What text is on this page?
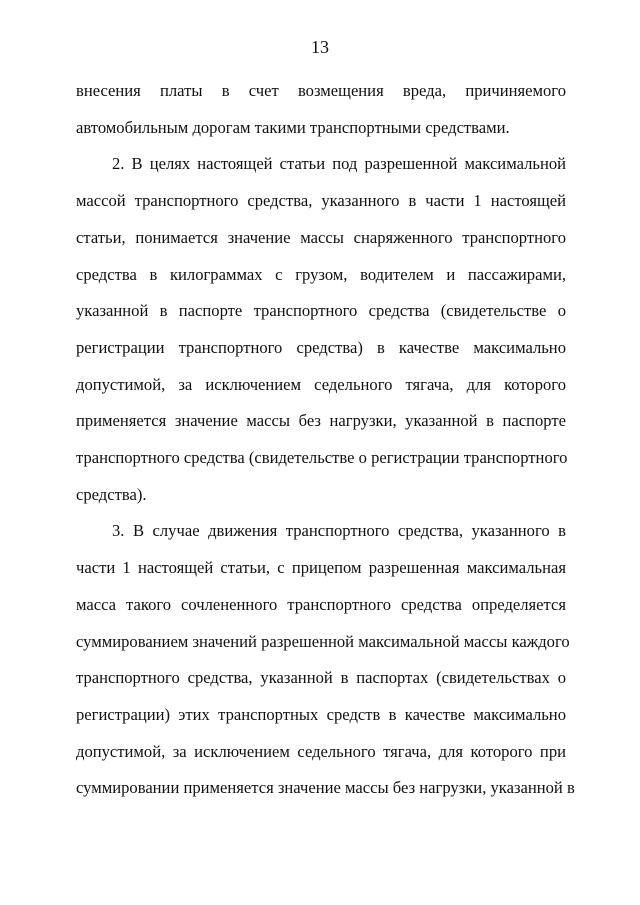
13
внесения платы в счет возмещения вреда, причиняемого
автомобильным дорогам такими транспортными средствами.
2. В целях настоящей статьи под разрешенной максимальной
массой транспортного средства, указанного в части 1 настоящей
статьи, понимается значение массы снаряженного транспортного
средства в килограммах с грузом, водителем и пассажирами,
указанной в паспорте транспортного средства (свидетельстве о
регистрации транспортного средства) в качестве максимально
допустимой, за исключением седельного тягача, для которого
применяется значение массы без нагрузки, указанной в паспорте
транспортного средства (свидетельстве о регистрации транспортного
средства).
3. В случае движения транспортного средства, указанного в
части 1 настоящей статьи, с прицепом разрешенная максимальная
масса такого сочлененного транспортного средства определяется
суммированием значений разрешенной максимальной массы каждого
транспортного средства, указанной в паспортах (свидетельствах о
регистрации) этих транспортных средств в качестве максимально
допустимой, за исключением седельного тягача, для которого при
суммировании применяется значение массы без нагрузки, указанной в
